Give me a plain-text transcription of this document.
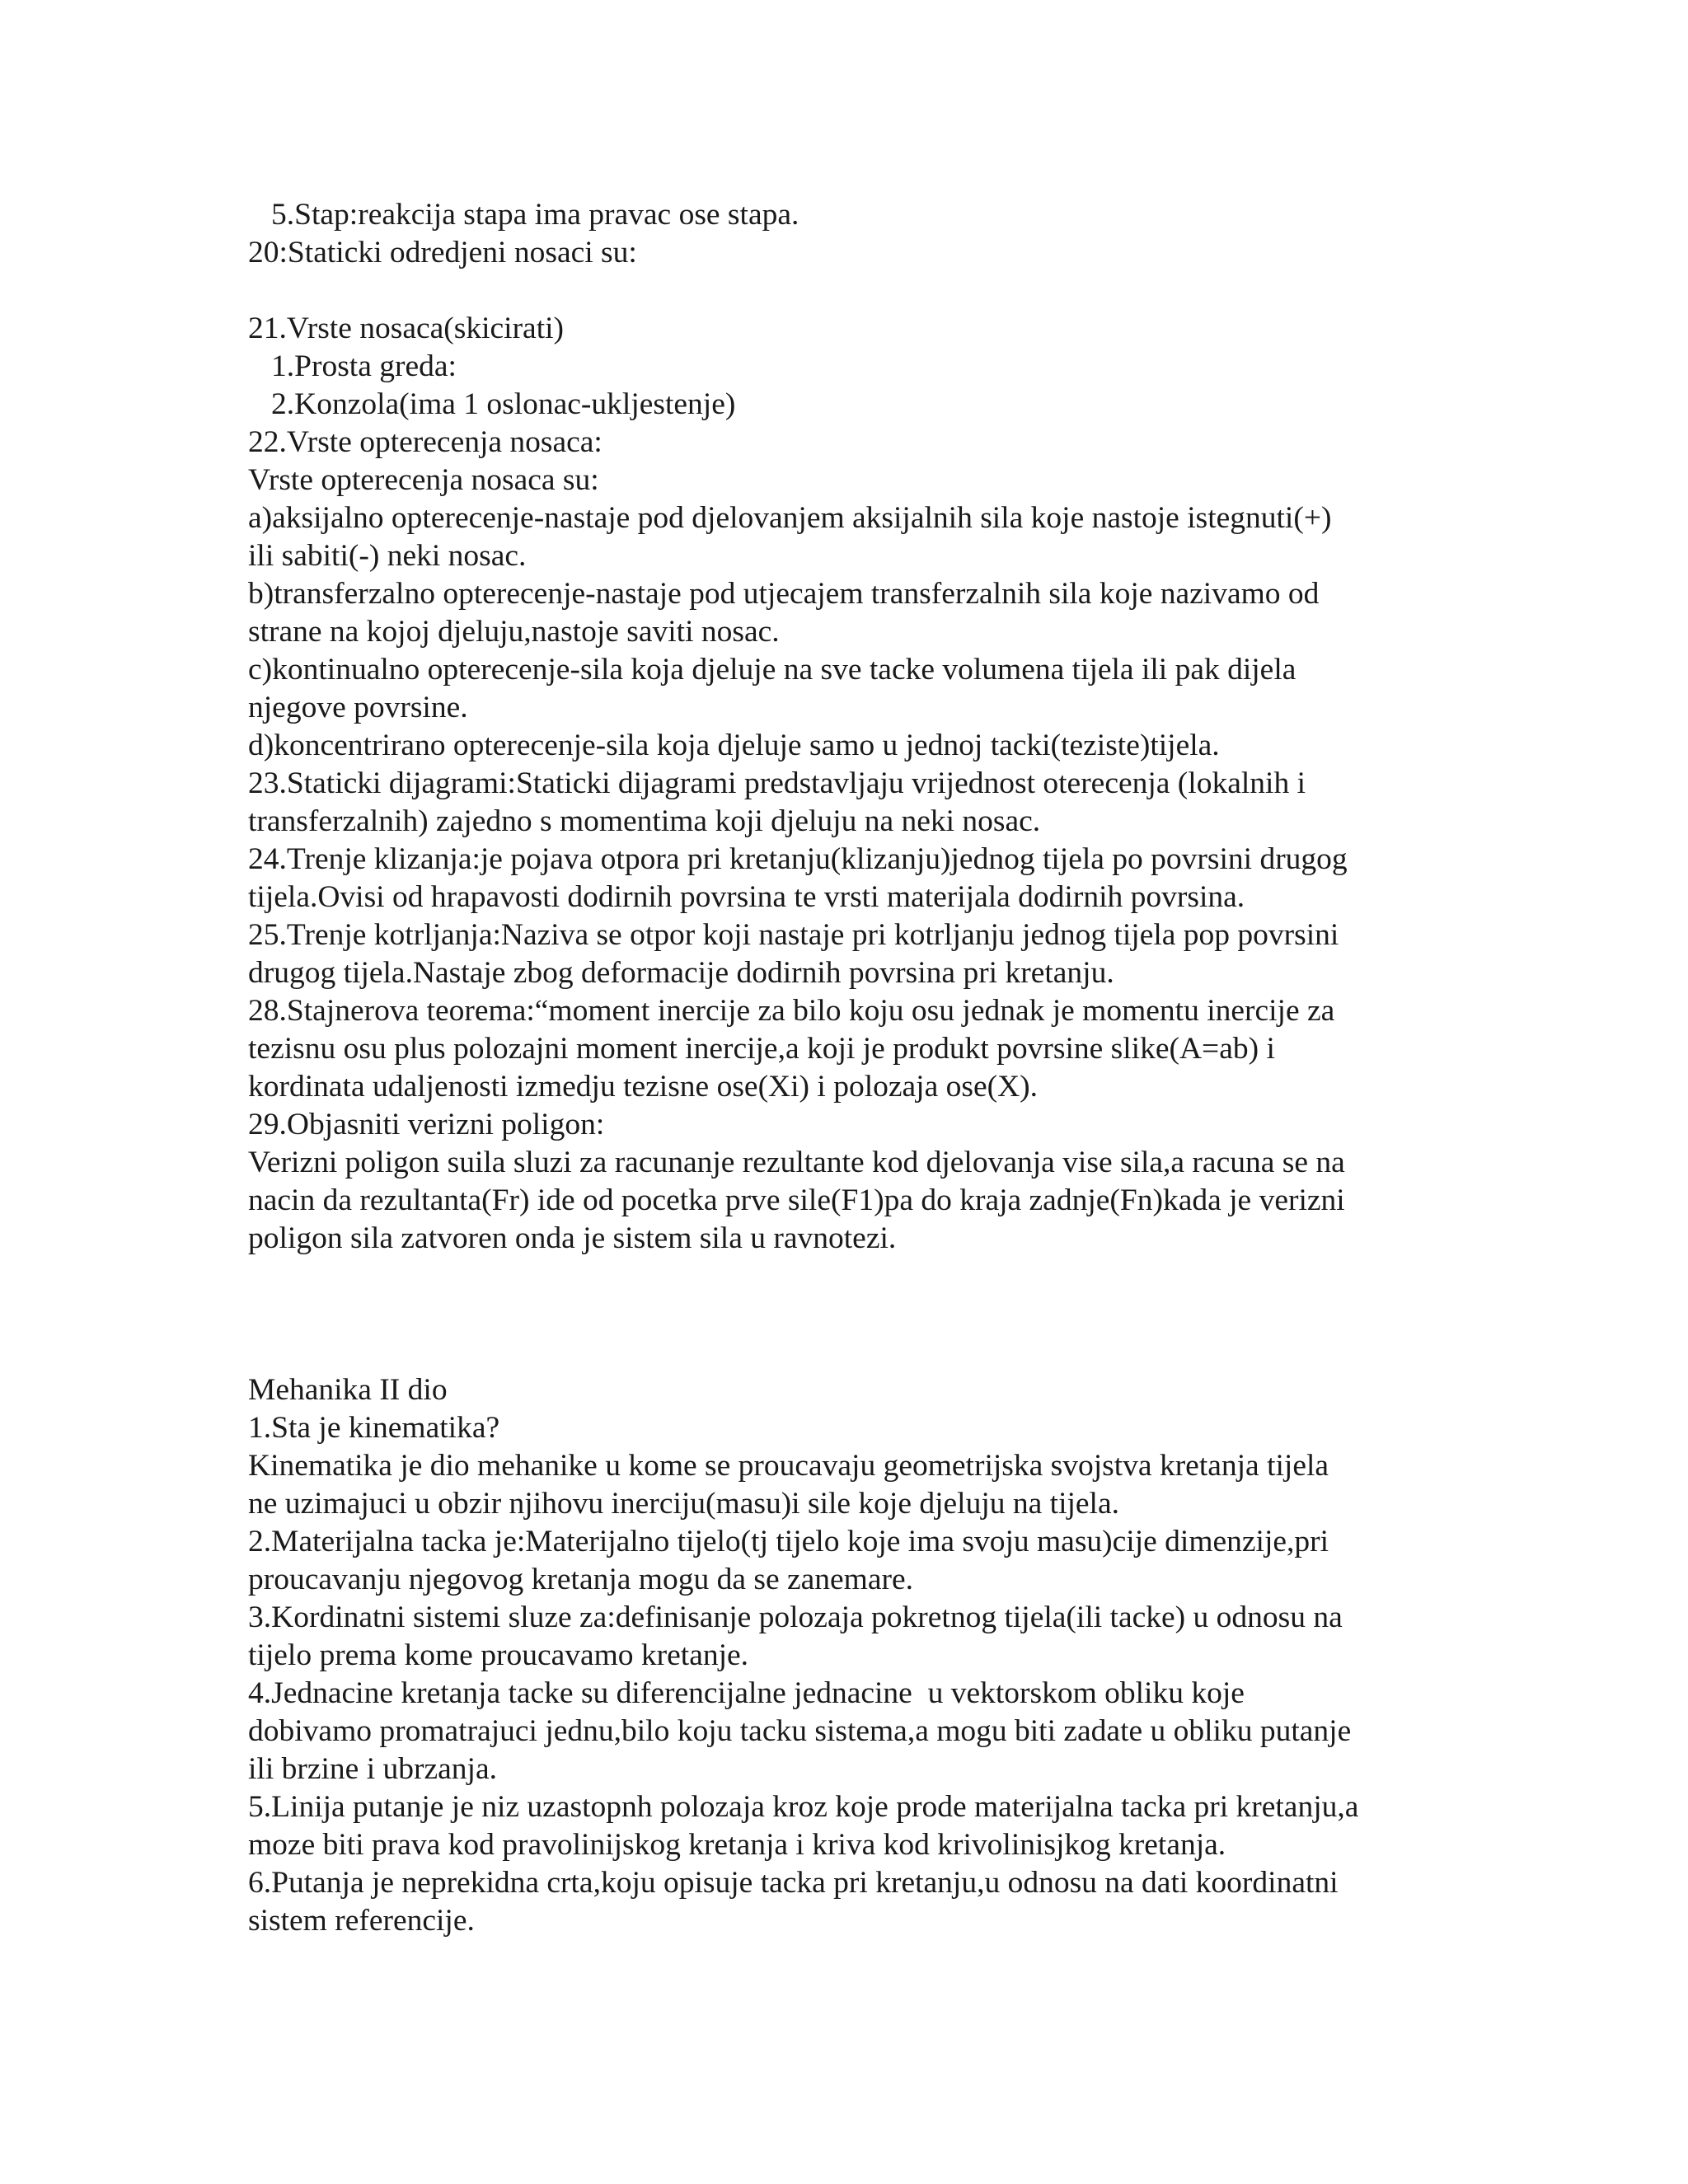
5.Stap:reakcija stapa ima pravac ose stapa.
20:Staticki odredjeni nosaci su:
21.Vrste nosaca(skicirati)
1.Prosta greda:
2.Konzola(ima 1 oslonac-ukljestenje)
22.Vrste opterecenja nosaca:
Vrste opterecenja nosaca su:
a)aksijalno opterecenje-nastaje pod djelovanjem aksijalnih sila koje nastoje istegnuti(+)
ili sabiti(-) neki nosac.
b)transferzalno opterecenje-nastaje pod utjecajem transferzalnih sila koje nazivamo od
strane na kojoj djeluju,nastoje saviti nosac.
c)kontinualno opterecenje-sila koja djeluje na sve tacke volumena tijela ili pak dijela
njegove povrsine.
d)koncentrirano opterecenje-sila koja djeluje samo u jednoj tacki(teziste)tijela.
23.Staticki dijagrami:Staticki dijagrami predstavljaju vrijednost oterecenja (lokalnih i
transferzalnih) zajedno s momentima koji djeluju na neki nosac.
24.Trenje klizanja:je pojava otpora pri kretanju(klizanju)jednog tijela po povrsini drugog
tijela.Ovisi od hrapavosti dodirnih povrsina te vrsti materijala dodirnih povrsina.
25.Trenje kotrljanja:Naziva se otpor koji nastaje pri kotrljanju jednog tijela pop povrsini
drugog tijela.Nastaje zbog deformacije dodirnih povrsina pri kretanju.
28.Stajnerova teorema:“moment inercije za bilo koju osu jednak je momentu inercije za
tezisnu osu plus polozajni moment inercije,a koji je produkt povrsine slike(A=ab) i
kordinata udaljenosti izmedju tezisne ose(Xi) i polozaja ose(X).
29.Objasniti verizni poligon:
Verizni poligon suila sluzi za racunanje rezultante kod djelovanja vise sila,a racuna se na
nacin da rezultanta(Fr) ide od pocetka prve sile(F1)pa do kraja zadnje(Fn)kada je verizni
poligon sila zatvoren onda je sistem sila u ravnotezi.
Mehanika II dio
1.Sta je kinematika?
Kinematika je dio mehanike u kome se proucavaju geometrijska svojstva kretanja tijela
ne uzimajuci u obzir njihovu inerciju(masu)i sile koje djeluju na tijela.
2.Materijalna tacka je:Materijalno tijelo(tj tijelo koje ima svoju masu)cije dimenzije,pri
proucavanju njegovog kretanja mogu da se zanemare.
3.Kordinatni sistemi sluze za:definisanje polozaja pokretnog tijela(ili tacke) u odnosu na
tijelo prema kome proucavamo kretanje.
4.Jednacine kretanja tacke su diferencijalne jednacine  u vektorskom obliku koje
dobivamo promatrajuci jednu,bilo koju tacku sistema,a mogu biti zadate u obliku putanje
ili brzine i ubrzanja.
5.Linija putanje je niz uzastopnh polozaja kroz koje prode materijalna tacka pri kretanju,a
moze biti prava kod pravolinijskog kretanja i kriva kod krivolinisjkog kretanja.
6.Putanja je neprekidna crta,koju opisuje tacka pri kretanju,u odnosu na dati koordinatni
sistem referencije.
